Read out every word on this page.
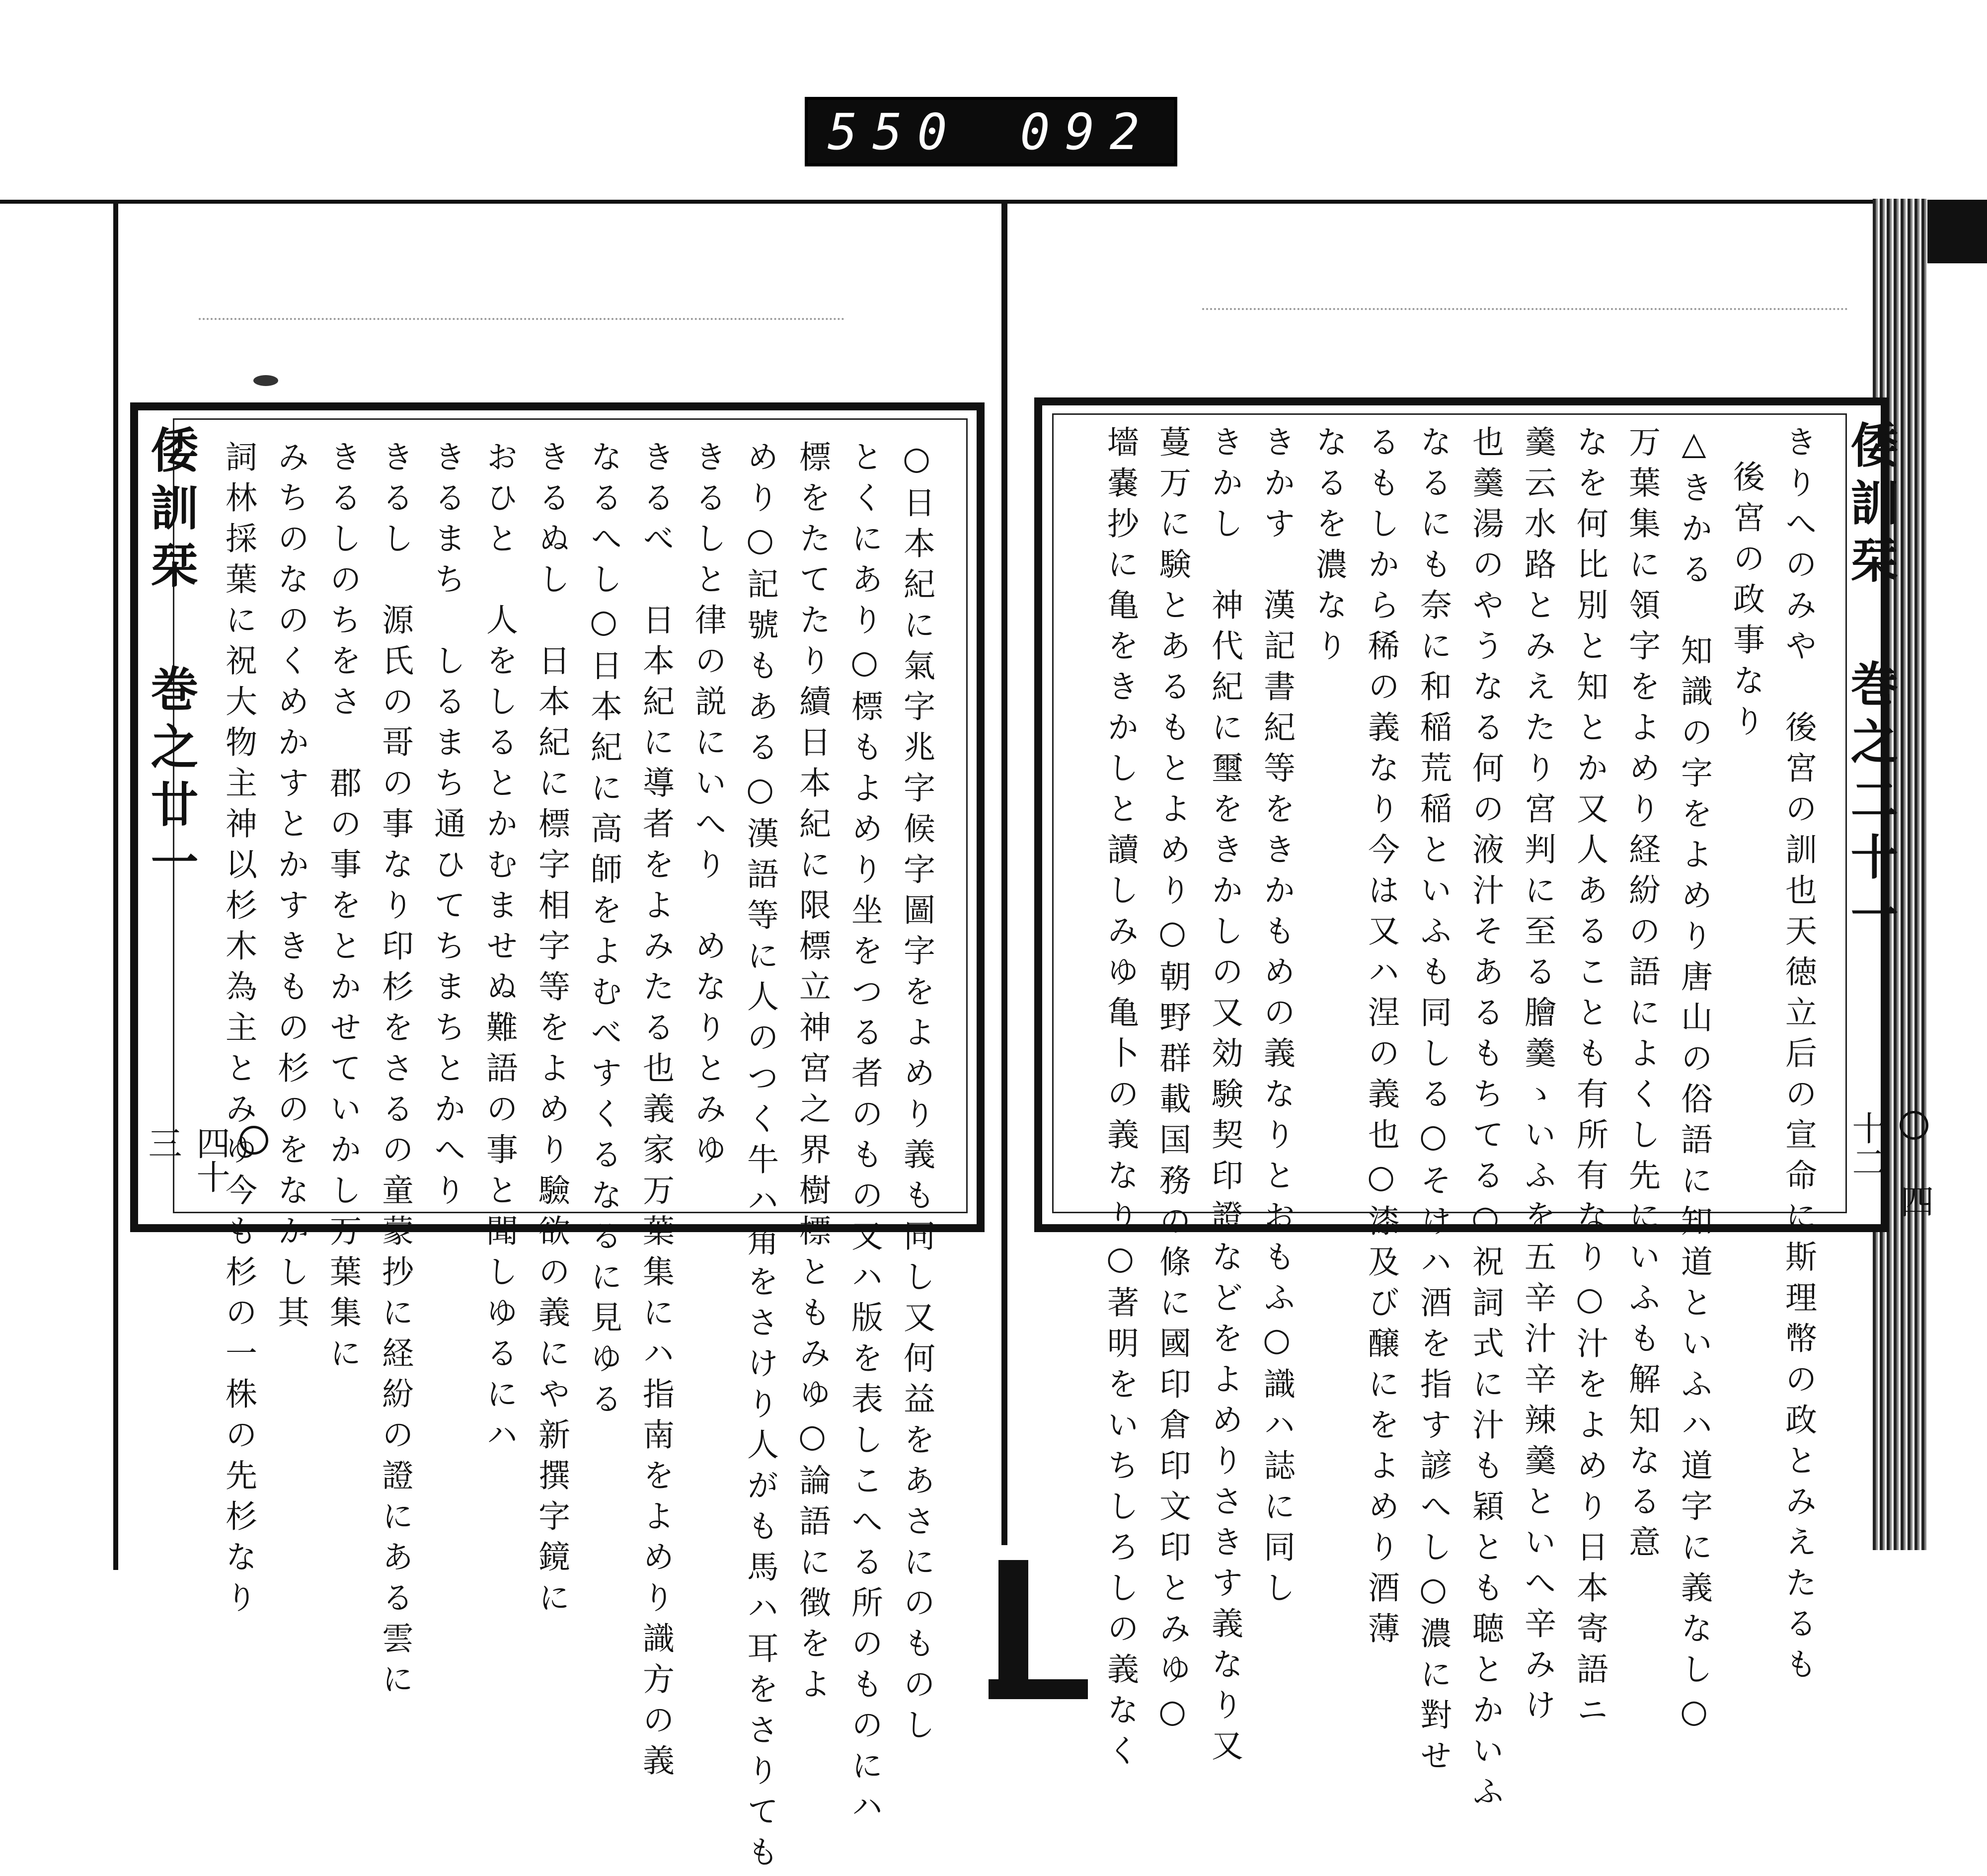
550 092
倭訓栞 巻之廿一
四十三	○日本紀に氣字兆字候字圖字をよめり義も同し又何益をあさにのものし
とくにあり○標もよめり坐をつる者のもの又ハ版を表しこへる所のものにハ
標をたてたり續日本紀に限標立神宮之界樹標ともみゆ○論語に徴をよ
めり○記號もある○漢語等に人のつく牛ハ角をさけり人がも馬ハ耳をさりても
きるしと律の説にいへり　めなりとみゆ
きるべ　日本紀に導者をよみたる也義家万葉集にハ指南をよめり識方の義
なるへし○日本紀に高師をよむべすくるなるに見ゆる
きるぬし　日本紀に標字相字等をよめり驗欲の義にや新撰字鏡に
おひと　人をしるとかむませぬ難語の事と聞しゆるにハ
きるまち　しるまち通ひてちまちとかへり
きるし　源氏の哥の事なり印杉をさるの童蒙抄に経紛の證にある雲に
きるしのちをさ　郡の事をとかせていかし万葉集に
みちのなのくめかすとかすきもの杉のをなかし其
詞林採葉に祝大物主神以杉木為主とみゆ今も杉の一株の先杉なり	倭訓栞 巻之二十一
四十二
きりへのみや　後宮の訓也天徳立后の宣命に斯理幣の政とみえたるも
後宮の政事なり
△きかる　知識の字をよめり唐山の俗語に知道といふハ道字に義なし○
万葉集に領字をよめり経紛の語によくし先にいふも解知なる意
なを何比別と知とか又人あることも有所有なり○汁をよめり日本寄語ニ
羹云水路とみえたり宮判に至る膾羹ゝいふを五辛汁辛辣羹といへ辛みけ
也羹湯のやうなる何の液汁そあるもちてる○祝詞式に汁も穎とも聴とかいふ
なるにも奈に和稲荒稲といふも同しる○そけハ酒を指す諺へし○濃に對せ
るもしから稀の義なり今は又ハ涅の義也○漆及び醸にをよめり酒薄
なるを濃なり
きかす　漢記書紀等をきかもめの義なりとおもふ○識ハ誌に同し
きかし　神代紀に璽をきかしの又効験契印證などをよめりさきす義なり又
蔓万に験とあるもとよめり○朝野群載国務の條に國印倉印文印とみゆ○
墻嚢抄に亀をきかしと讀しみゆ亀卜の義なり○著明をいちしろしの義なく
